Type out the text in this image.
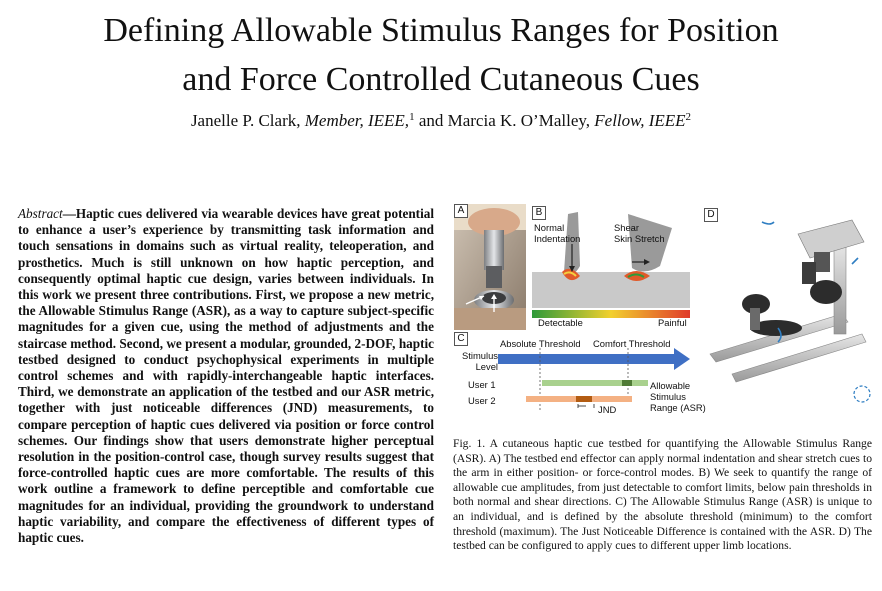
Defining Allowable Stimulus Ranges for Position
and Force Controlled Cutaneous Cues
Janelle P. Clark, Member, IEEE,$^1$ and Marcia K. O’Malley, Fellow, IEEE$^2$

Abstract—Haptic cues delivered via wearable devices have great potential to enhance a user’s experience by transmitting task information and touch sensations in domains such as virtual reality, teleoperation, and prosthetics. Much is still unknown on how haptic perception, and consequently optimal haptic cue design, varies between individuals. In this work we present three contributions. First, we propose a new metric, the Allowable Stimulus Range (ASR), as a way to capture subject-specific magnitudes for a given cue, using the method of adjustments and the staircase method. Second, we present a modular, grounded, 2-DOF, haptic testbed designed to conduct psychophysical experiments in multiple control schemes and with rapidly-interchangeable haptic interfaces. Third, we demonstrate an application of the testbed and our ASR metric, together with just noticeable differences (JND) measurements, to compare perception of haptic cues delivered via position or force control schemes. Our findings show that users demonstrate higher perceptual resolution in the position-control case, though survey results suggest that force-controlled haptic cues are more comfortable. The results of this work outline a framework to define perceptible and comfortable cue magnitudes for an individual, providing the groundwork to understand haptic variability, and compare the effectiveness of different types of haptic cues.

A	B
Normal
Indentation
Shear
Skin Stretch
Detectable	Painful
C	Absolute Threshold Comfort Threshold
Stimulus
Level
User 1
User 2
JND
Allowable
Stimulus
Range (ASR)
D

Fig. 1. A cutaneous haptic cue testbed for quantifying the Allowable Stimulus Range (ASR). A) The testbed end effector can apply normal indentation and shear stretch cues to the arm in either position- or force-control modes. B) We seek to quantify the range of allowable cue amplitudes, from just detectable to comfort limits, below pain thresholds in both normal and shear directions. C) The Allowable Stimulus Range (ASR) is unique to an individual, and is defined by the absolute threshold (minimum) to the comfort threshold (maximum). The Just Noticeable Difference is contained with the ASR. D) The testbed can be configured to apply cues to different upper limb locations.
